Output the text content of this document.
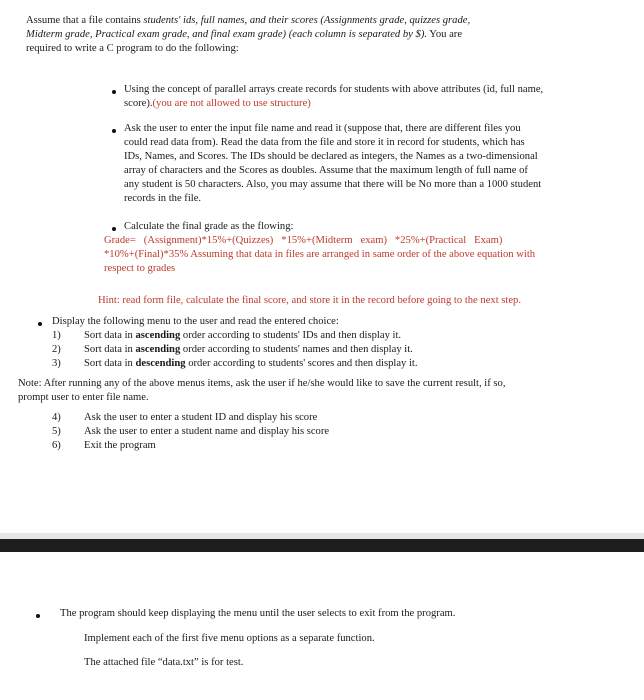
Assume that a file contains students' ids, full names, and their scores (Assignments grade, quizzes grade,
Midterm grade, Practical exam grade, and final exam grade) (each column is separated by $). You are
required to write a C program to do the following:
Using the concept of parallel arrays create records for students with above attributes (id, full name,
score).(you are not allowed to use structure)
Ask the user to enter the input file name and read it (suppose that, there are different files you
could read data from). Read the data from the file and store it in record for students, which has
IDs, Names, and Scores. The IDs should be declared as integers, the Names as a two-dimensional
array of characters and the Scores as doubles. Assume that the maximum length of full name of
any student is 50 characters. Also, you may assume that there will be No more than a 1000 student
records in the file.
Calculate the final grade as the flowing:
Grade=   (Assignment)*15%+(Quizzes)   *15%+(Midterm   exam)   *25%+(Practical   Exam)
*10%+(Final)*35% Assuming that data in files are arranged in same order of the above equation with
respect to grades
Hint: read form file, calculate the final score, and store it in the record before going to the next step.
Display the following menu to the user and read the entered choice:
1) Sort data in ascending order according to students' IDs and then display it.
2) Sort data in ascending order according to students' names and then display it.
3) Sort data in descending order according to students' scores and then display it.
Note: After running any of the above menus items, ask the user if he/she would like to save the current result, if so,
prompt user to enter file name.
4) Ask the user to enter a student ID and display his score
5) Ask the user to enter a student name and display his score
6) Exit the program
The program should keep displaying the menu until the user selects to exit from the program.
Implement each of the first five menu options as a separate function.
The attached file “data.txt” is for test.
